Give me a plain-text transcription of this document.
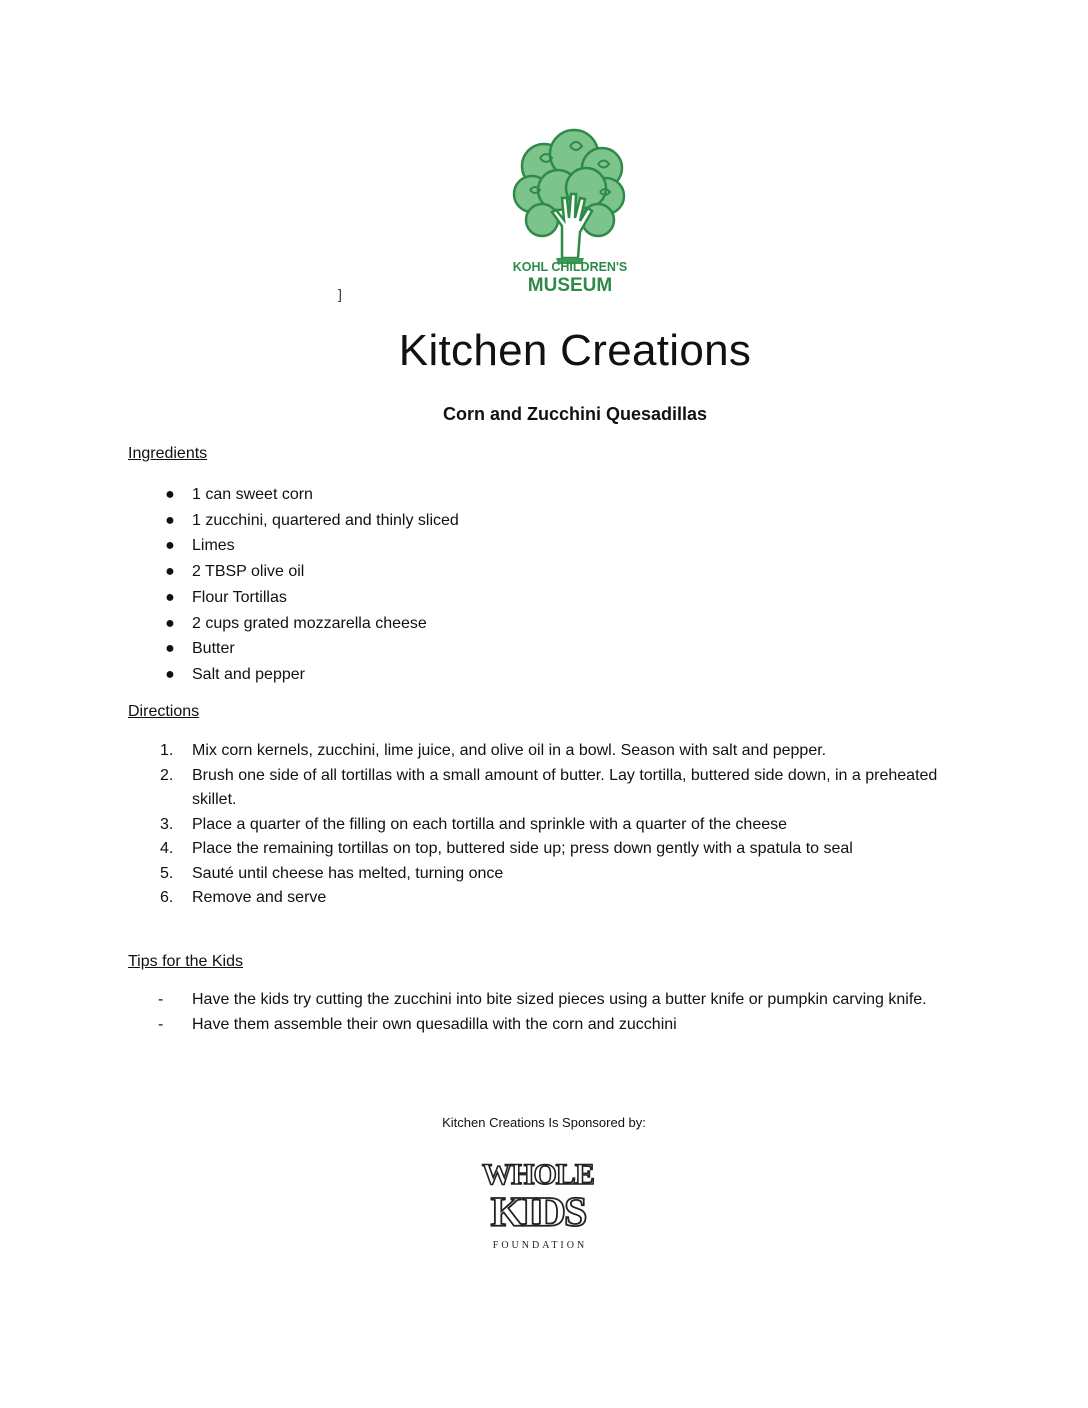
KOHL CHILDREN'S
MUSEUM
]
Kitchen Creations
Corn and Zucchini Quesadillas
Ingredients
●	1 can sweet corn
●	1 zucchini, quartered and thinly sliced
●	Limes
●	2 TBSP olive oil
●	Flour Tortillas
●	2 cups grated mozzarella cheese
●	Butter
●	Salt and pepper
Directions
1.	Mix corn kernels, zucchini, lime juice, and olive oil in a bowl. Season with salt and pepper.
2.	Brush one side of all tortillas with a small amount of butter. Lay tortilla, buttered side down, in a preheated skillet.
3.	Place a quarter of the filling on each tortilla and sprinkle with a quarter of the cheese
4.	Place the remaining tortillas on top, buttered side up; press down gently with a spatula to seal
5.	Sauté until cheese has melted, turning once
6.	Remove and serve
Tips for the Kids
-	Have the kids try cutting the zucchini into bite sized pieces using a butter knife or pumpkin carving knife.
-	Have them assemble their own quesadilla with the corn and zucchini
Kitchen Creations Is Sponsored by:
WHOLE
KIDS
FOUNDATION
